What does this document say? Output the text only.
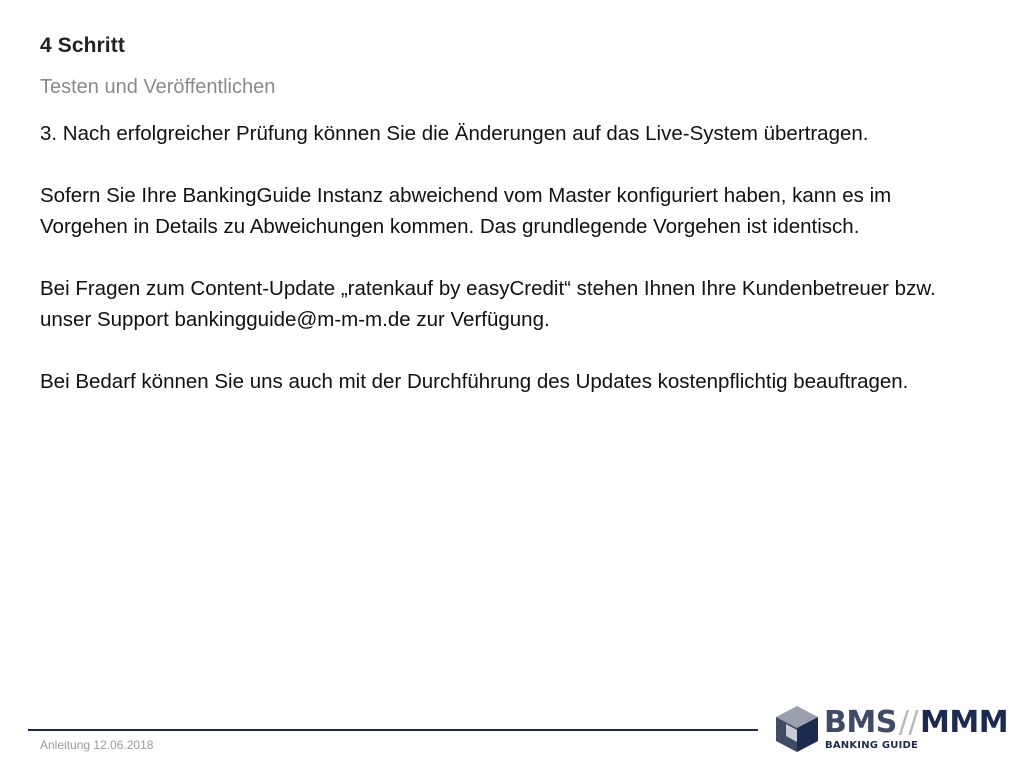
4 Schritt
Testen und Veröffentlichen

3. Nach erfolgreicher Prüfung können Sie die Änderungen auf das Live-System übertragen.

Sofern Sie Ihre BankingGuide Instanz abweichend vom Master konfiguriert haben, kann es im Vorgehen in Details zu Abweichungen kommen. Das grundlegende Vorgehen ist identisch.

Bei Fragen zum Content-Update „ratenkauf by easyCredit“ stehen Ihnen Ihre Kundenbetreuer bzw. unser Support bankingguide@m-m-m.de zur Verfügung.

Bei Bedarf können Sie uns auch mit der Durchführung des Updates kostenpflichtig beauftragen.

Anleitung 12.06.2018
BMS//MMM
BANKING GUIDE
